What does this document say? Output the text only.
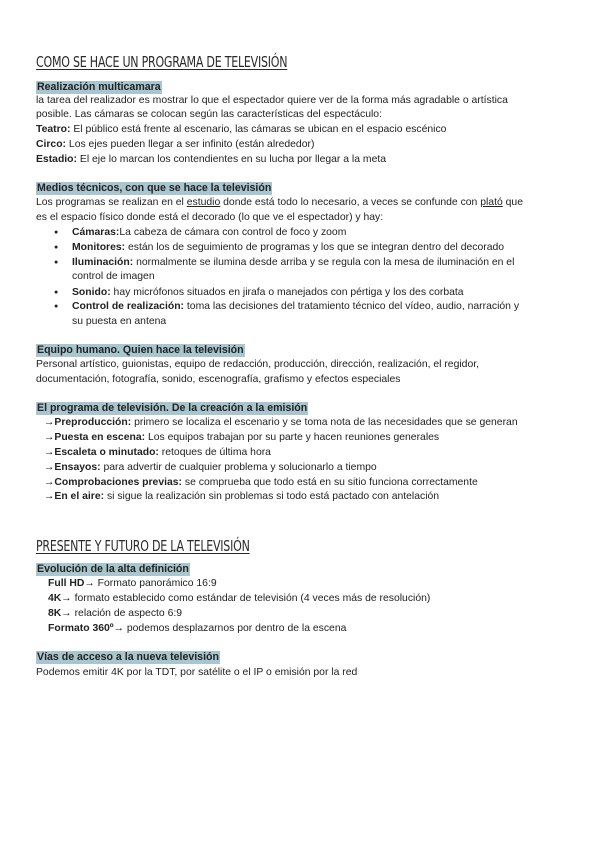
COMO SE HACE UN PROGRAMA DE TELEVISIÓN
Realización multicamara
la tarea del realizador es mostrar lo que el espectador quiere ver de la forma más agradable o artística
posible. Las cámaras se colocan según las características del espectáculo:
Teatro: El público está frente al escenario, las cámaras se ubican en el espacio escénico
Circo: Los ejes pueden llegar a ser infinito (están alrededor)
Estadio: El eje lo marcan los contendientes en su lucha por llegar a la meta
Medios técnicos, con que se hace la televisión
Los programas se realizan en el estudio donde está todo lo necesario, a veces se confunde con plató que
es el espacio físico donde está el decorado (lo que ve el espectador) y hay:
Cámaras:La cabeza de cámara con control de foco y zoom
Monitores: están los de seguimiento de programas y los que se integran dentro del decorado
Iluminación: normalmente se ilumina desde arriba y se regula con la mesa de iluminación en el
control de imagen
Sonido: hay micrófonos situados en jirafa o manejados con pértiga y los des corbata
Control de realización: toma las decisiones del tratamiento técnico del vídeo, audio, narración y
su puesta en antena
Equipo humano. Quien hace la televisión
Personal artístico, guionistas, equipo de redacción, producción, dirección, realización, el regidor,
documentación, fotografía, sonido, escenografía, grafismo y efectos especiales
El programa de televisión. De la creación a la emisión
→Preproducción: primero se localiza el escenario y se toma nota de las necesidades que se generan
→Puesta en escena: Los equipos trabajan por su parte y hacen reuniones generales
→Escaleta o minutado: retoques de última hora
→Ensayos: para advertir de cualquier problema y solucionarlo a tiempo
→Comprobaciones previas: se comprueba que todo está en su sitio funciona correctamente
→En el aire: si sigue la realización sin problemas si todo está pactado con antelación
PRESENTE Y FUTURO DE LA TELEVISIÓN
Evolución de la alta definición
Full HD→ Formato panorámico 16:9
4K→ formato establecido como estándar de televisión (4 veces más de resolución)
8K→ relación de aspecto 6:9
Formato 360º→ podemos desplazarnos por dentro de la escena
Vías de acceso a la nueva televisión
Podemos emitir 4K por la TDT, por satélite o el IP o emisión por la red
